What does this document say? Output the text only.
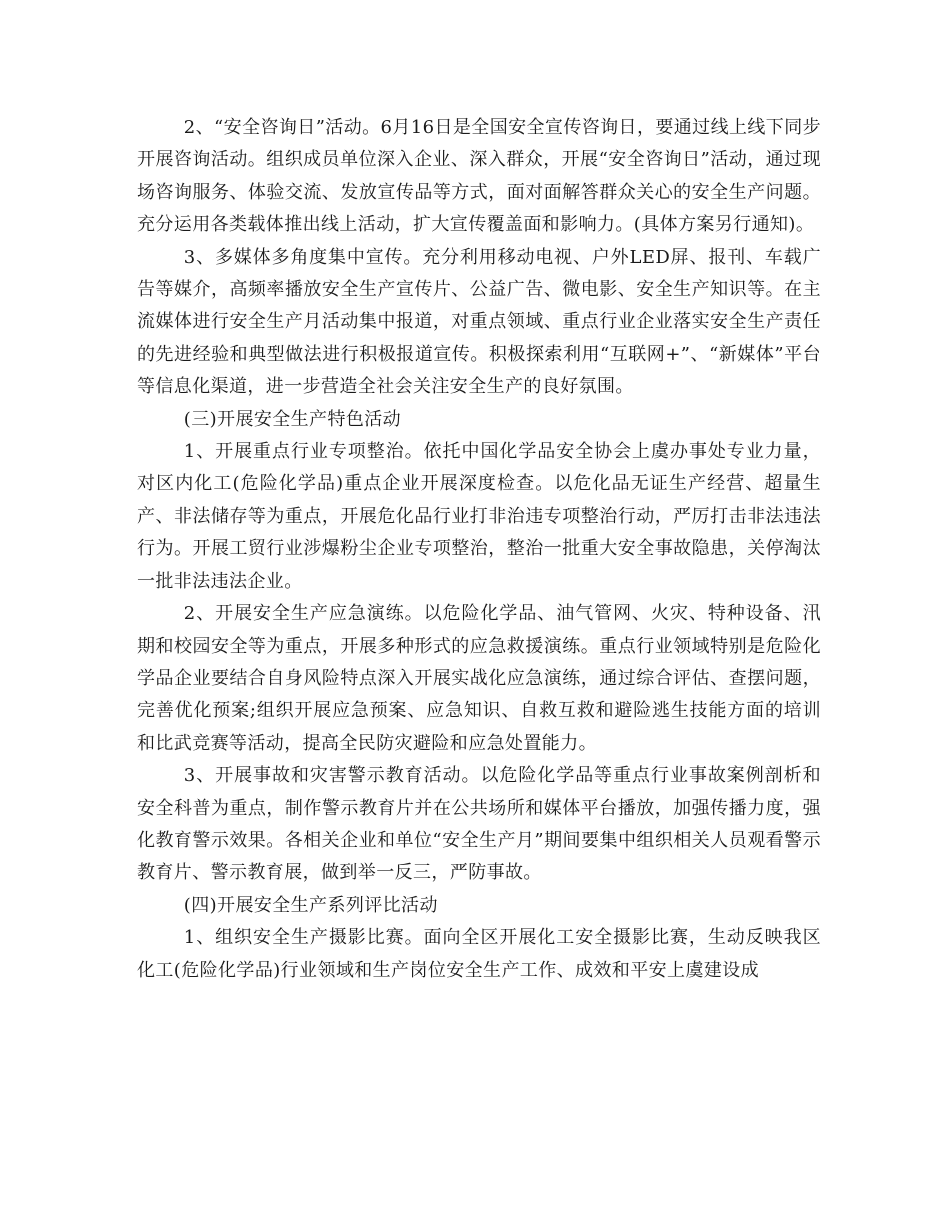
2、“安全咨询日”活动。6月16日是全国安全宣传咨询日，要通过线上线下同步开展咨询活动。组织成员单位深入企业、深入群众，开展“安全咨询日”活动，通过现场咨询服务、体验交流、发放宣传品等方式，面对面解答群众关心的安全生产问题。充分运用各类载体推出线上活动，扩大宣传覆盖面和影响力。(具体方案另行通知)。

3、多媒体多角度集中宣传。充分利用移动电视、户外LED屏、报刊、车载广告等媒介，高频率播放安全生产宣传片、公益广告、微电影、安全生产知识等。在主流媒体进行安全生产月活动集中报道，对重点领域、重点行业企业落实安全生产责任的先进经验和典型做法进行积极报道宣传。积极探索利用“互联网+”、“新媒体”平台等信息化渠道，进一步营造全社会关注安全生产的良好氛围。

(三)开展安全生产特色活动

1、开展重点行业专项整治。依托中国化学品安全协会上虞办事处专业力量，对区内化工(危险化学品)重点企业开展深度检查。以危化品无证生产经营、超量生产、非法储存等为重点，开展危化品行业打非治违专项整治行动，严厉打击非法违法行为。开展工贸行业涉爆粉尘企业专项整治，整治一批重大安全事故隐患，关停淘汰一批非法违法企业。

2、开展安全生产应急演练。以危险化学品、油气管网、火灾、特种设备、汛期和校园安全等为重点，开展多种形式的应急救援演练。重点行业领域特别是危险化学品企业要结合自身风险特点深入开展实战化应急演练，通过综合评估、查摆问题，完善优化预案;组织开展应急预案、应急知识、自救互救和避险逃生技能方面的培训和比武竞赛等活动，提高全民防灾避险和应急处置能力。

3、开展事故和灾害警示教育活动。以危险化学品等重点行业事故案例剖析和安全科普为重点，制作警示教育片并在公共场所和媒体平台播放，加强传播力度，强化教育警示效果。各相关企业和单位“安全生产月”期间要集中组织相关人员观看警示教育片、警示教育展，做到举一反三，严防事故。

(四)开展安全生产系列评比活动

1、组织安全生产摄影比赛。面向全区开展化工安全摄影比赛，生动反映我区化工(危险化学品)行业领域和生产岗位安全生产工作、成效和平安上虞建设成
